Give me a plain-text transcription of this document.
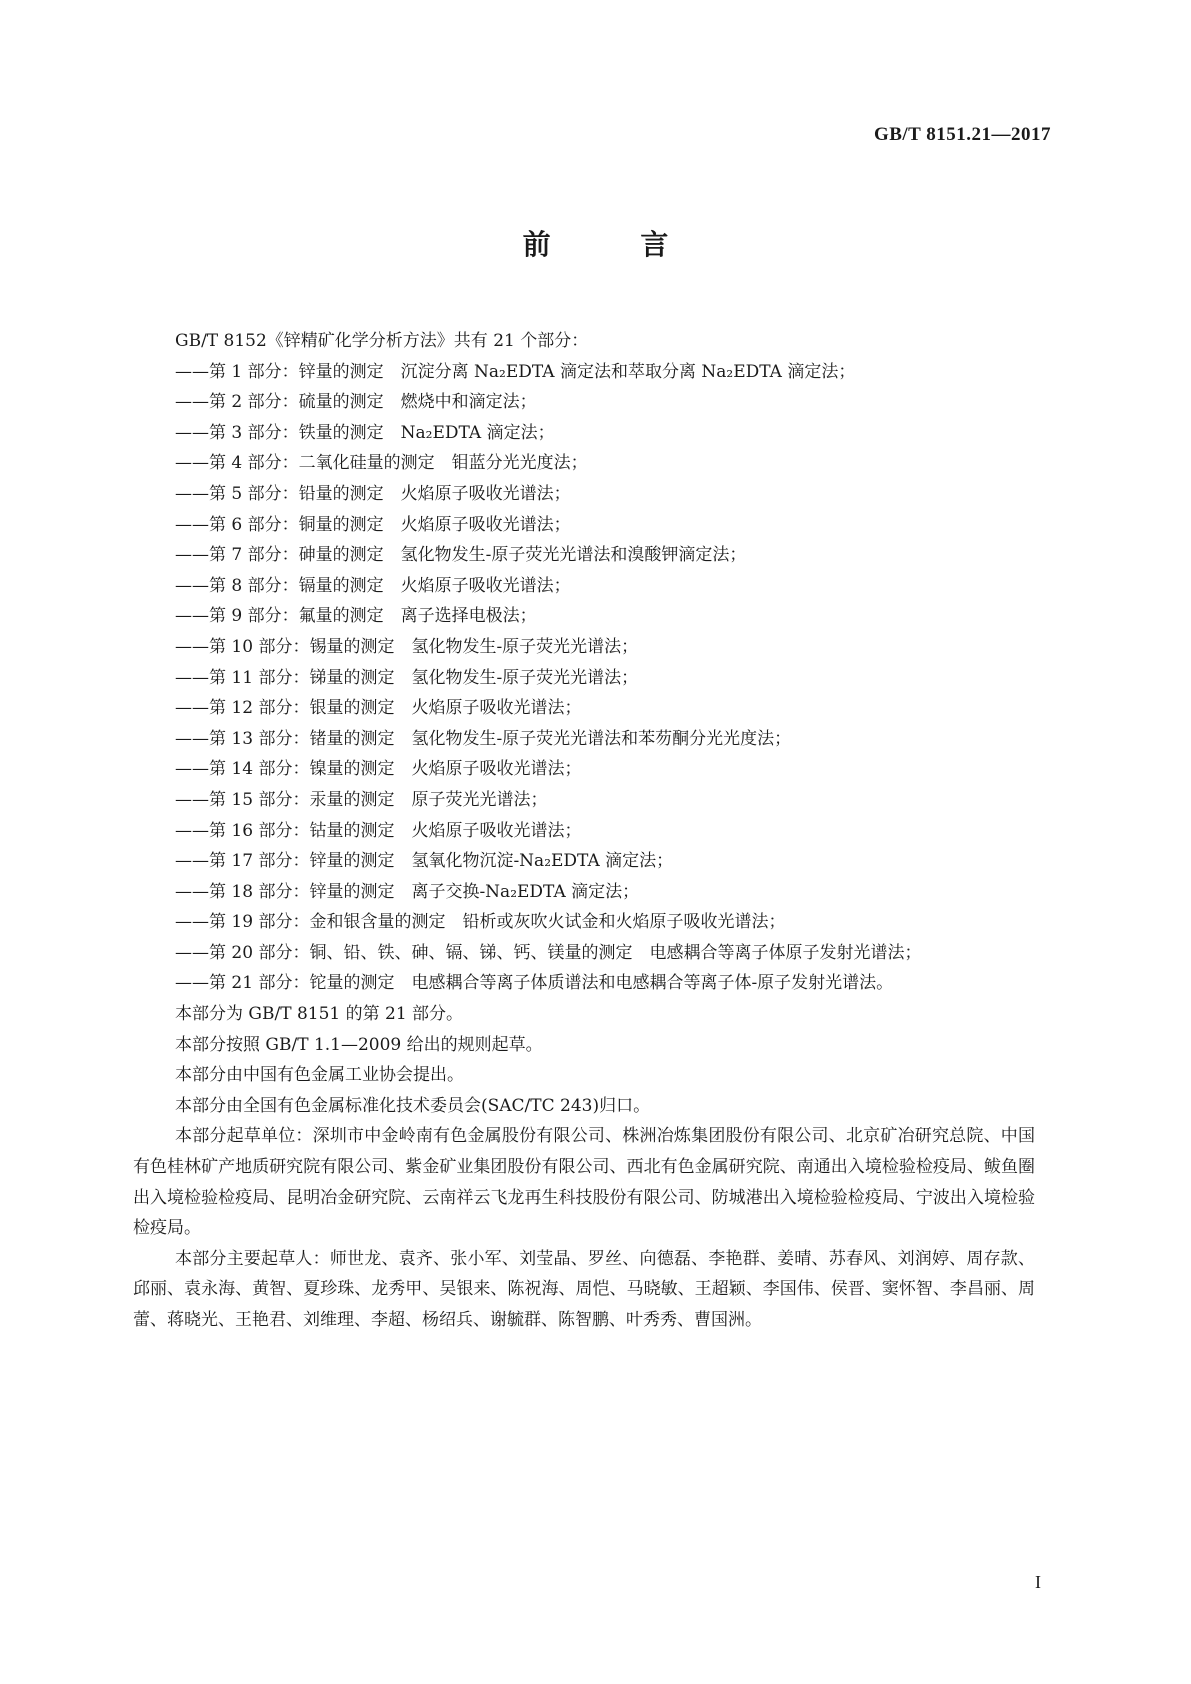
GB/T 8151.21—2017
前 言
GB/T 8152《锌精矿化学分析方法》共有 21 个部分：
——第 1 部分：锌量的测定　沉淀分离 Na₂EDTA 滴定法和萃取分离 Na₂EDTA 滴定法；
——第 2 部分：硫量的测定　燃烧中和滴定法；
——第 3 部分：铁量的测定　Na₂EDTA 滴定法；
——第 4 部分：二氧化硅量的测定　钼蓝分光光度法；
——第 5 部分：铅量的测定　火焰原子吸收光谱法；
——第 6 部分：铜量的测定　火焰原子吸收光谱法；
——第 7 部分：砷量的测定　氢化物发生-原子荧光光谱法和溴酸钾滴定法；
——第 8 部分：镉量的测定　火焰原子吸收光谱法；
——第 9 部分：氟量的测定　离子选择电极法；
——第 10 部分：锡量的测定　氢化物发生-原子荧光光谱法；
——第 11 部分：锑量的测定　氢化物发生-原子荧光光谱法；
——第 12 部分：银量的测定　火焰原子吸收光谱法；
——第 13 部分：锗量的测定　氢化物发生-原子荧光光谱法和苯芴酮分光光度法；
——第 14 部分：镍量的测定　火焰原子吸收光谱法；
——第 15 部分：汞量的测定　原子荧光光谱法；
——第 16 部分：钴量的测定　火焰原子吸收光谱法；
——第 17 部分：锌量的测定　氢氧化物沉淀-Na₂EDTA 滴定法；
——第 18 部分：锌量的测定　离子交换-Na₂EDTA 滴定法；
——第 19 部分：金和银含量的测定　铅析或灰吹火试金和火焰原子吸收光谱法；
——第 20 部分：铜、铅、铁、砷、镉、锑、钙、镁量的测定　电感耦合等离子体原子发射光谱法；
——第 21 部分：铊量的测定　电感耦合等离子体质谱法和电感耦合等离子体-原子发射光谱法。
本部分为 GB/T 8151 的第 21 部分。
本部分按照 GB/T 1.1—2009 给出的规则起草。
本部分由中国有色金属工业协会提出。
本部分由全国有色金属标准化技术委员会(SAC/TC 243)归口。
本部分起草单位：深圳市中金岭南有色金属股份有限公司、株洲冶炼集团股份有限公司、北京矿冶研究总院、中国有色桂林矿产地质研究院有限公司、紫金矿业集团股份有限公司、西北有色金属研究院、南通出入境检验检疫局、鲅鱼圈出入境检验检疫局、昆明冶金研究院、云南祥云飞龙再生科技股份有限公司、防城港出入境检验检疫局、宁波出入境检验检疫局。
本部分主要起草人：师世龙、袁齐、张小军、刘莹晶、罗丝、向德磊、李艳群、姜晴、苏春风、刘润婷、周存款、邱丽、袁永海、黄智、夏珍珠、龙秀甲、吴银来、陈祝海、周恺、马晓敏、王超颖、李国伟、侯晋、窦怀智、李昌丽、周蕾、蒋晓光、王艳君、刘维理、李超、杨绍兵、谢毓群、陈智鹏、叶秀秀、曹国洲。
I
